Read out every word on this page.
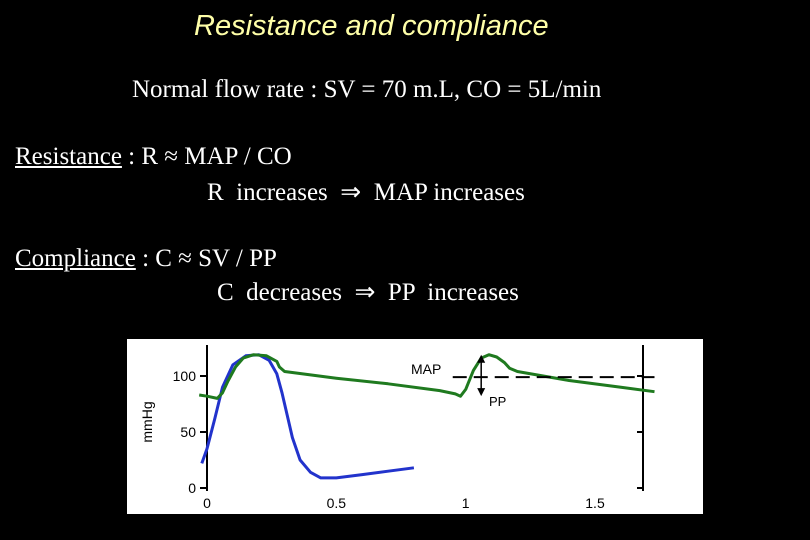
Resistance and compliance
Normal flow rate : SV = 70 m.L, CO = 5L/min
Resistance : R ≈ MAP / CO
R  increases  ⇒  MAP increases
Compliance : C ≈ SV / PP
C  decreases  ⇒  PP  increases
0
50
100
0	0.5	1	1.5
MAP
PP
mmHg
